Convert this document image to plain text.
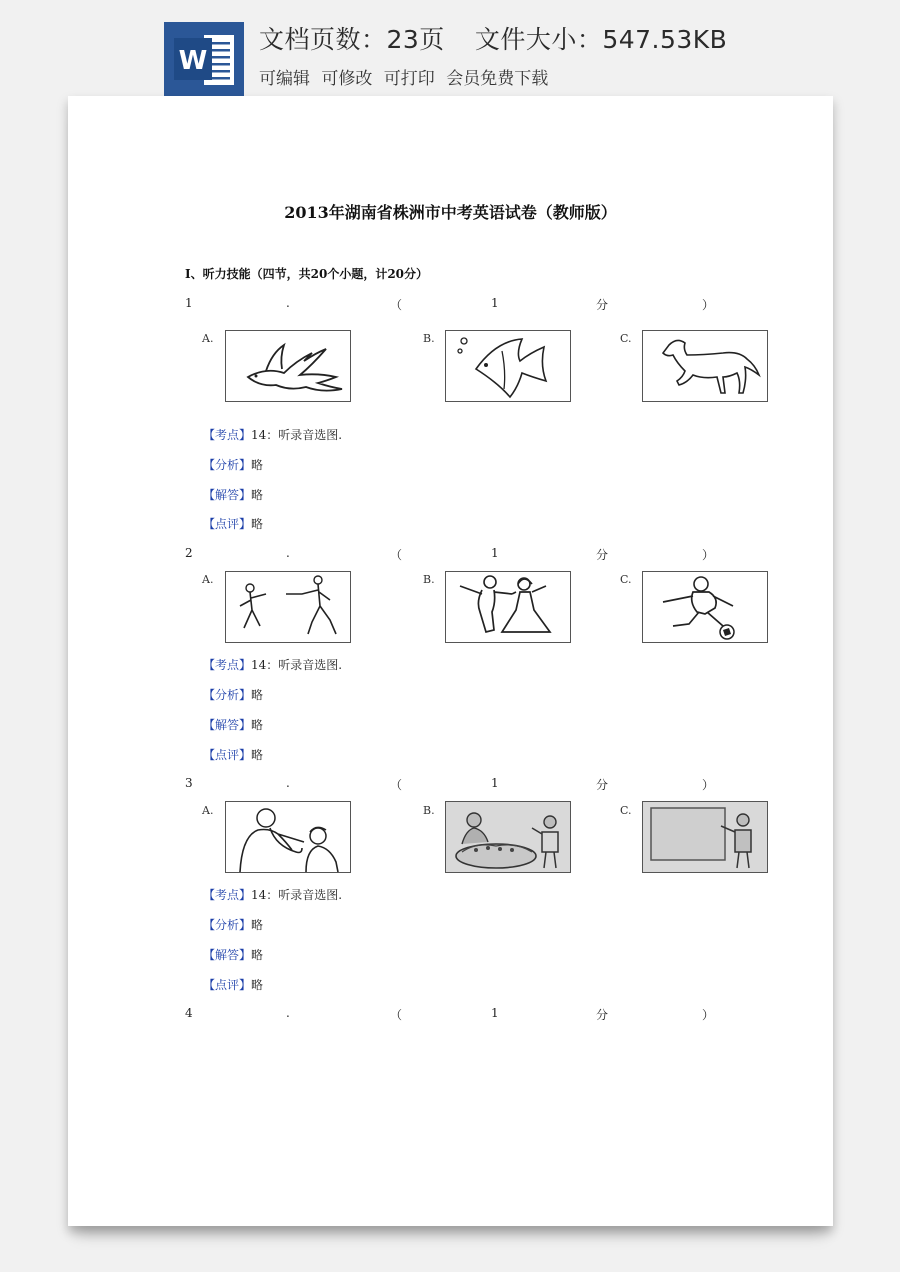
W
文档页数：23页 文件大小：547.53KB
可编辑 可修改 可打印 会员免费下载
2013年湖南省株洲市中考英语试卷（教师版）
I、听力技能（四节，共20个小题，计20分）
1	.	（	1	分	）
A.	B.	C.
【考点】14：听录音选图.
【分析】略
【解答】略
【点评】略
2	.	（	1	分	）
A.	B.	C.
【考点】14：听录音选图.
【分析】略
【解答】略
【点评】略
3	.	（	1	分	）
A.	B.	C.
【考点】14：听录音选图.
【分析】略
【解答】略
【点评】略
4	.	（	1	分	）
